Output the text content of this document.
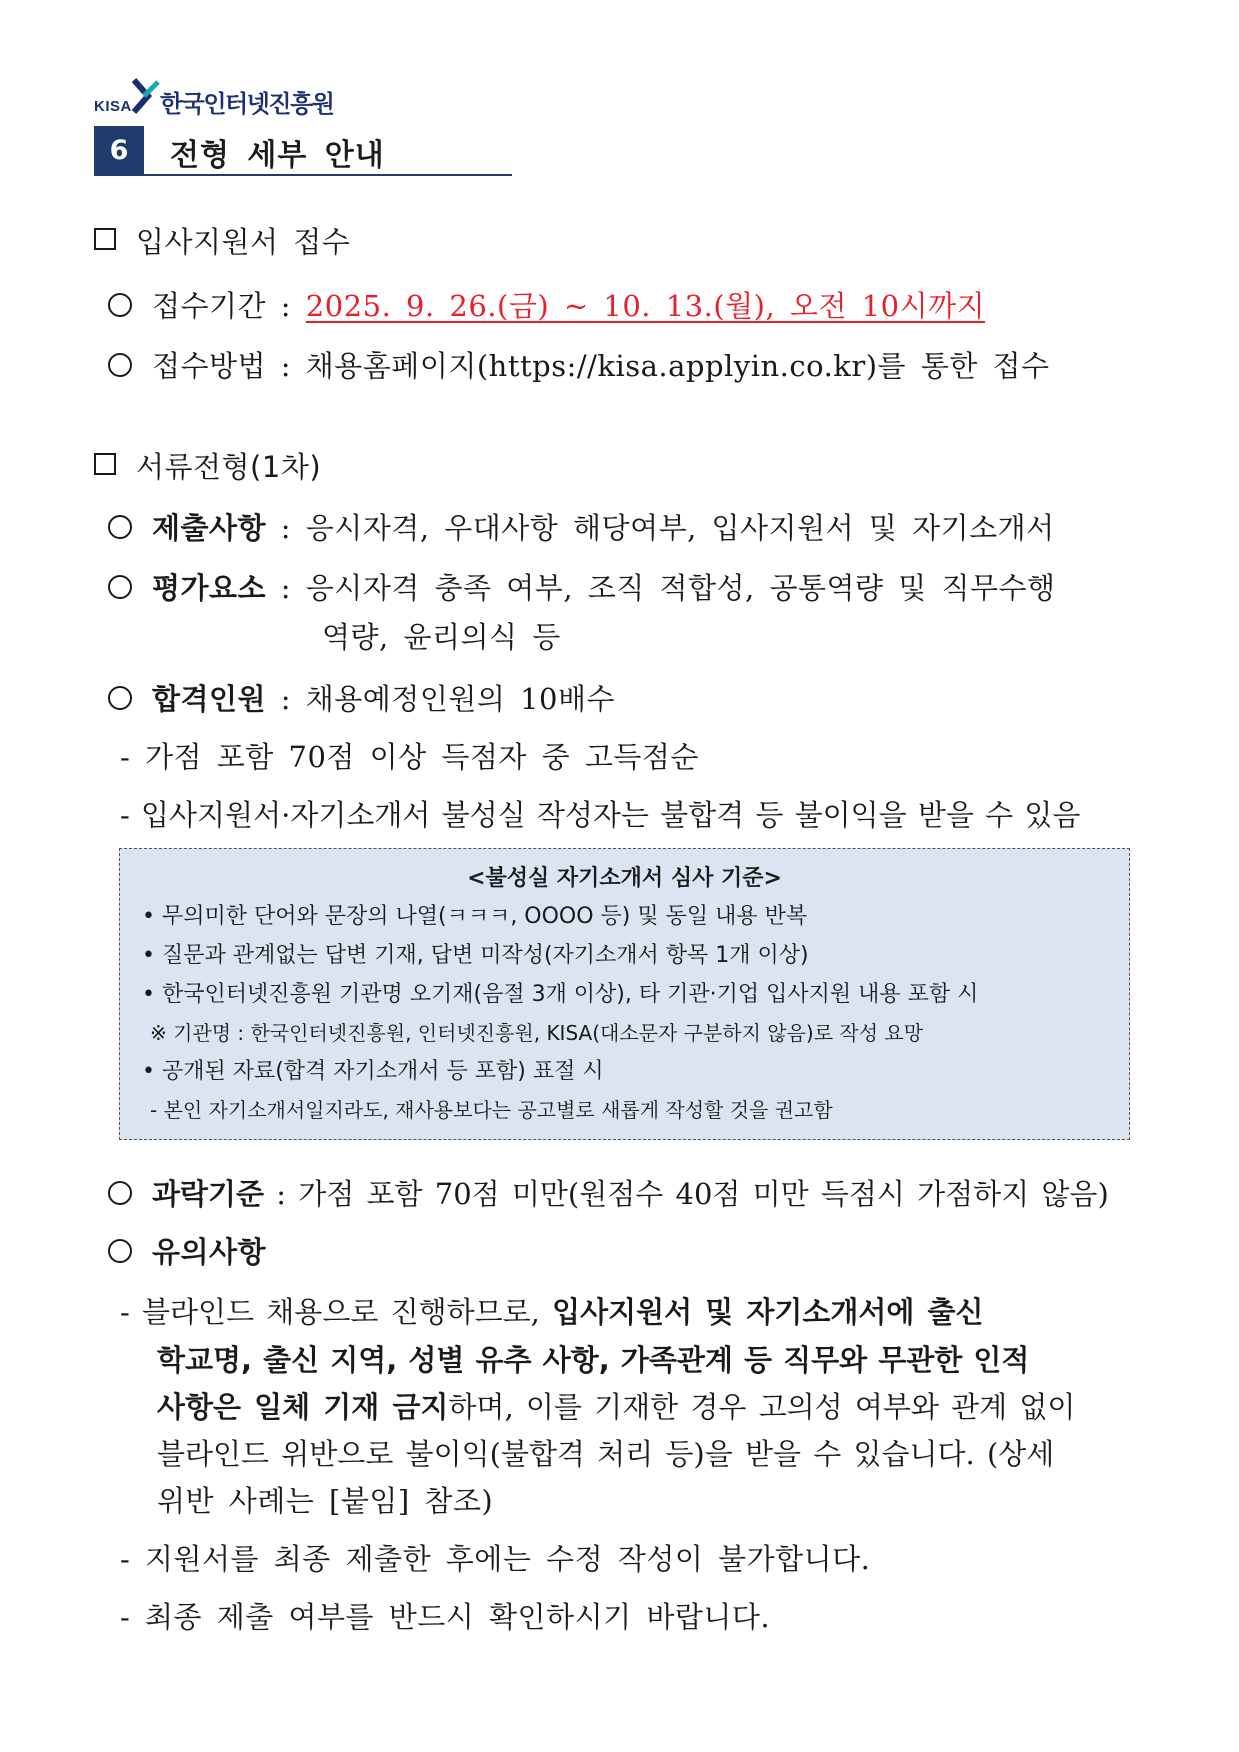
KISA 한국인터넷진흥원
6	전형 세부 안내
입사지원서 접수
접수기간 : 2025. 9. 26.(금) ∼ 10. 13.(월), 오전 10시까지
접수방법 : 채용홈페이지(https://kisa.applyin.co.kr)를 통한 접수
서류전형(1차)
제출사항 : 응시자격, 우대사항 해당여부, 입사지원서 및 자기소개서
평가요소 : 응시자격 충족 여부, 조직 적합성, 공통역량 및 직무수행
역량, 윤리의식 등
합격인원 : 채용예정인원의 10배수
- 가점 포함 70점 이상 득점자 중 고득점순
- 입사지원서·자기소개서 불성실 작성자는 불합격 등 불이익을 받을 수 있음
<불성실 자기소개서 심사 기준>
• 무의미한 단어와 문장의 나열(ㅋㅋㅋ, OOOO 등) 및 동일 내용 반복
• 질문과 관계없는 답변 기재, 답변 미작성(자기소개서 항목 1개 이상)
• 한국인터넷진흥원 기관명 오기재(음절 3개 이상), 타 기관·기업 입사지원 내용 포함 시
※ 기관명 : 한국인터넷진흥원, 인터넷진흥원, KISA(대소문자 구분하지 않음)로 작성 요망
• 공개된 자료(합격 자기소개서 등 포함) 표절 시
- 본인 자기소개서일지라도, 재사용보다는 공고별로 새롭게 작성할 것을 권고함
과락기준 : 가점 포함 70점 미만(원점수 40점 미만 득점시 가점하지 않음)
유의사항
- 블라인드 채용으로 진행하므로, 입사지원서 및 자기소개서에 출신
학교명, 출신 지역, 성별 유추 사항, 가족관계 등 직무와 무관한 인적
사항은 일체 기재 금지하며, 이를 기재한 경우 고의성 여부와 관계 없이
블라인드 위반으로 불이익(불합격 처리 등)을 받을 수 있습니다. (상세
위반 사례는 [붙임] 참조)
- 지원서를 최종 제출한 후에는 수정 작성이 불가합니다.
- 최종 제출 여부를 반드시 확인하시기 바랍니다.
